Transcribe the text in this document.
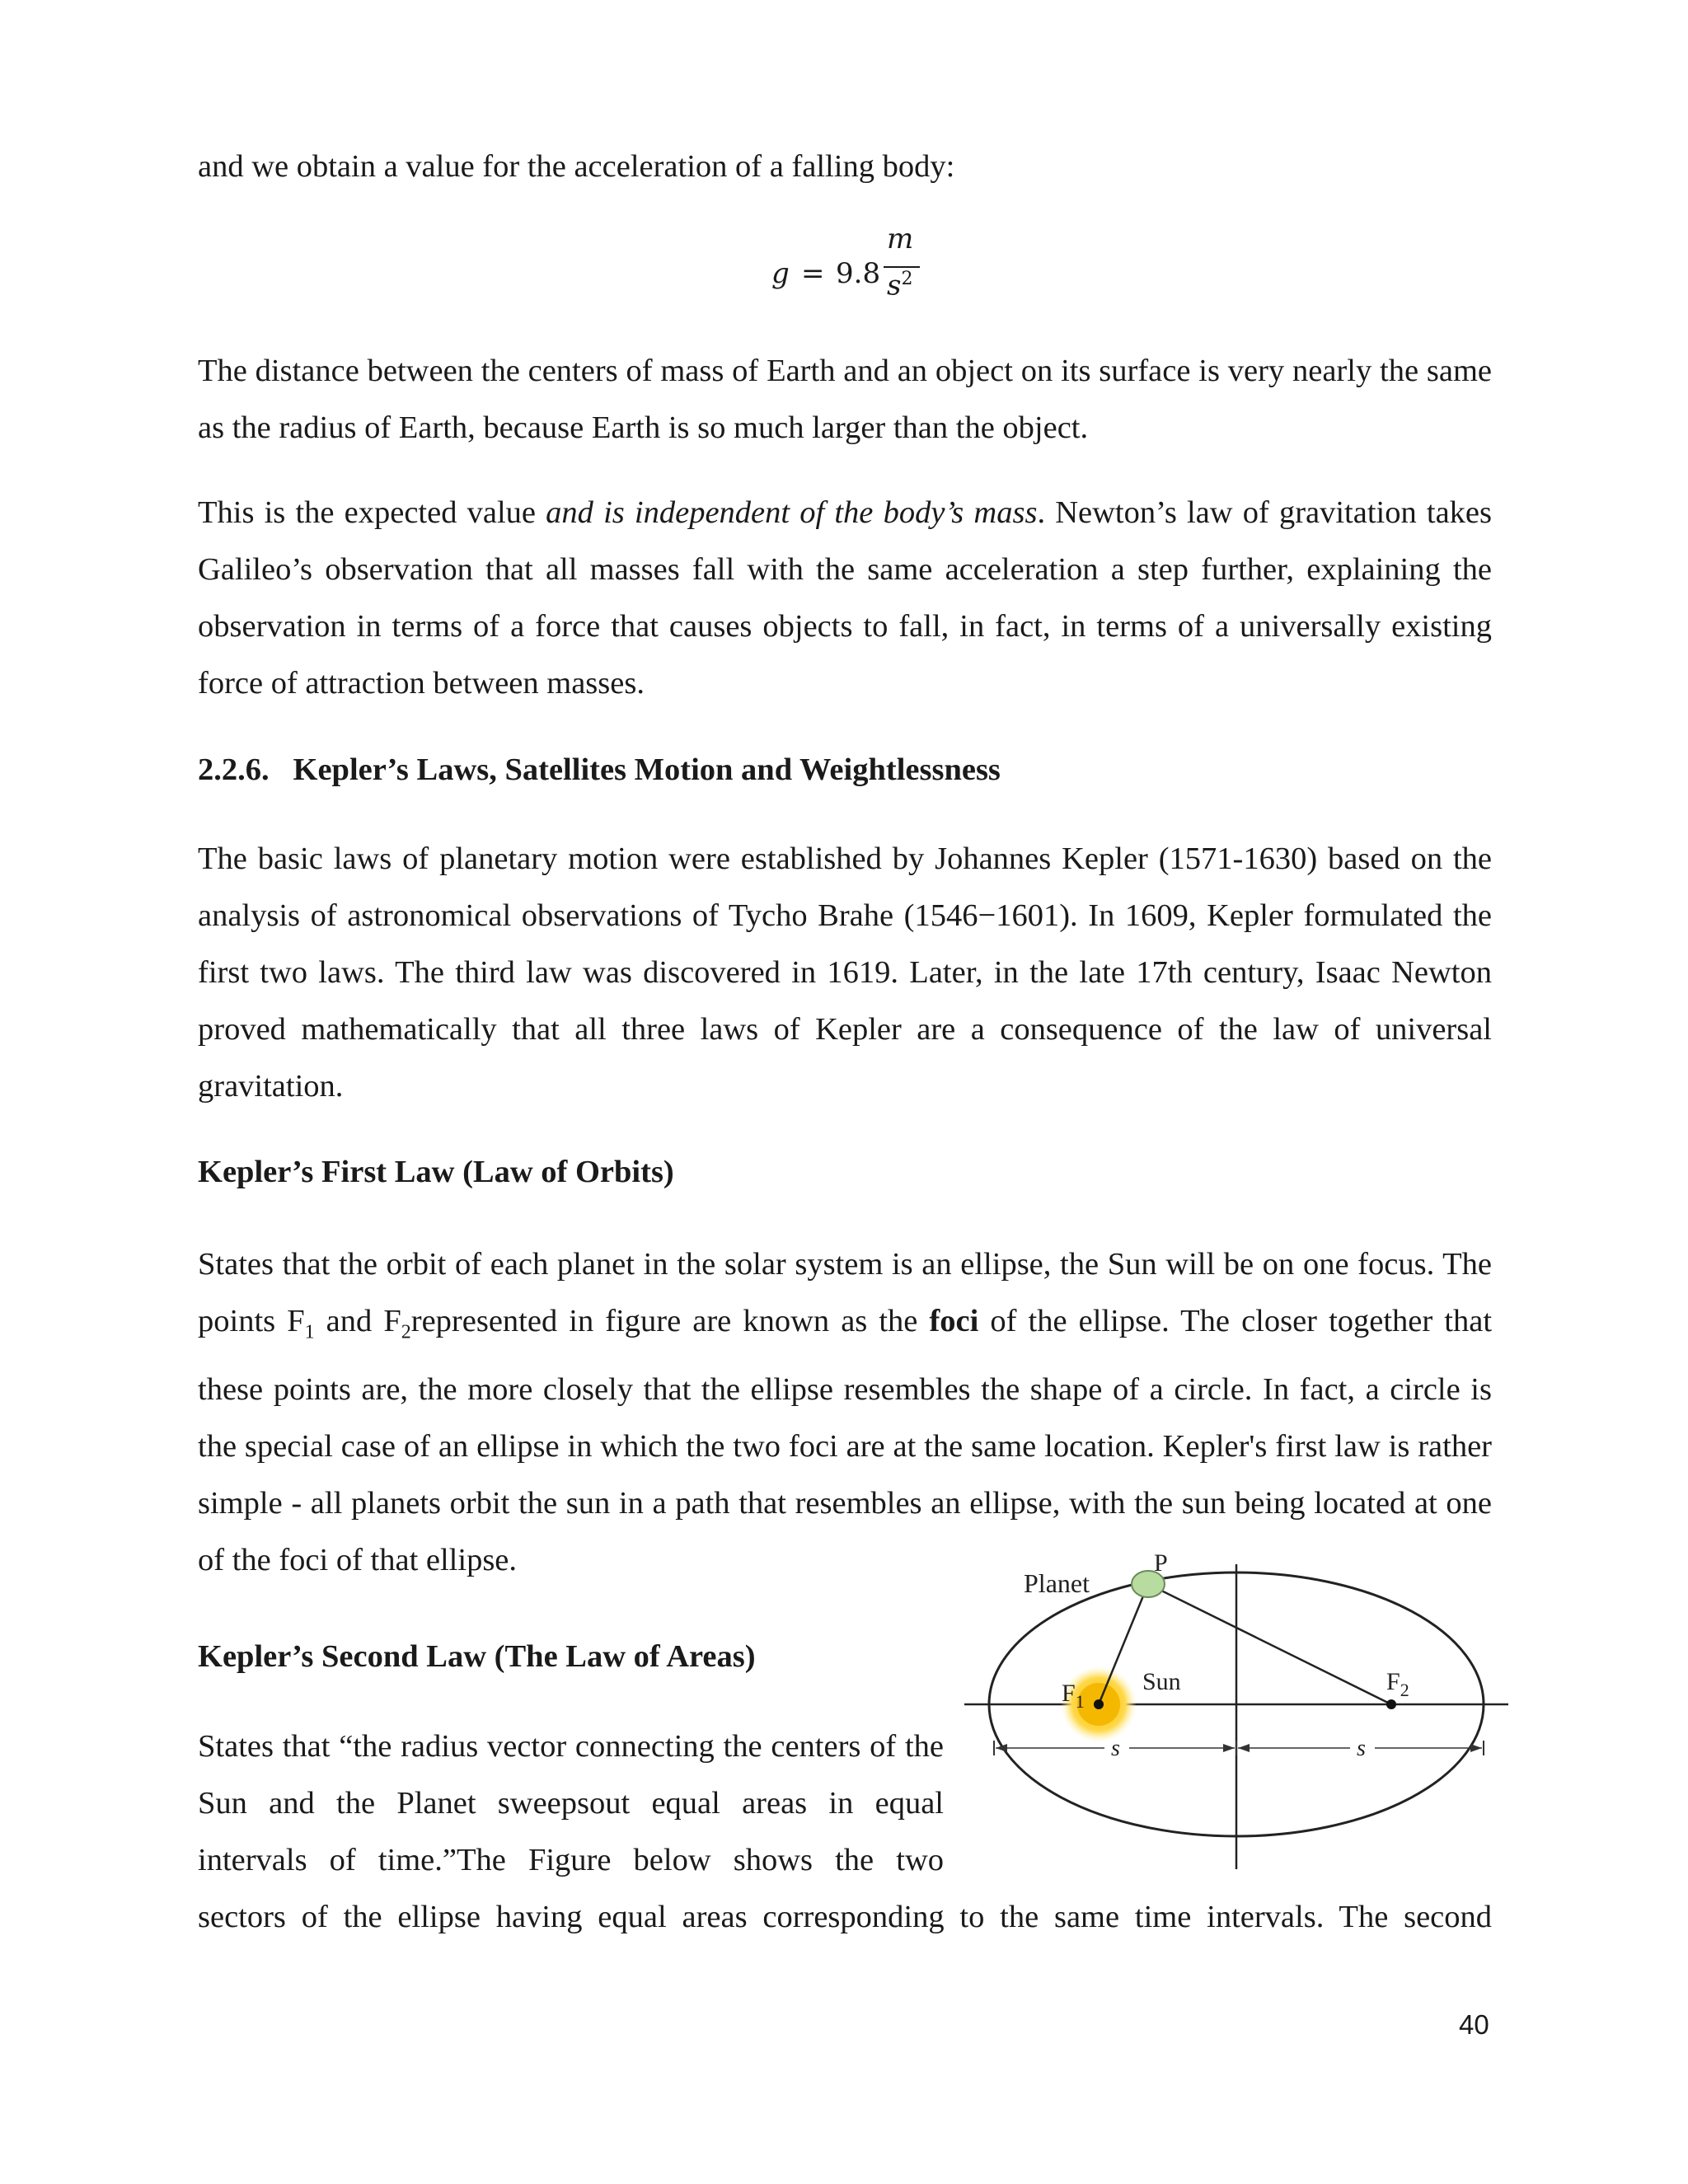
and we obtain a value for the acceleration of a falling body:

g = 9.8
m
$s^2$

The distance between the centers of mass of Earth and an object on its surface is very nearly the same as the radius of Earth, because Earth is so much larger than the object.

This is the expected value and is independent of the body’s mass. Newton’s law of gravitation takes Galileo’s observation that all masses fall with the same acceleration a step further, explaining the observation in terms of a force that causes objects to fall, in fact, in terms of a universally existing force of attraction between masses.

2.2.6.   Kepler’s Laws, Satellites Motion and Weightlessness

The basic laws of planetary motion were established by Johannes Kepler (1571-1630) based on the analysis of astronomical observations of Tycho Brahe (1546−1601). In 1609, Kepler formulated the first two laws. The third law was discovered in 1619. Later, in the late 17th century, Isaac Newton proved mathematically that all three laws of Kepler are a consequence of the law of universal gravitation.

Kepler’s First Law (Law of Orbits)

States that the orbit of each planet in the solar system is an ellipse, the Sun will be on one focus. The points $F_1$ and $F_2represented$ in figure are known as the foci of the ellipse. The closer together that these points are, the more closely that the ellipse resembles the shape of a circle. In fact, a circle is the special case of an ellipse in which the two foci are at the same location. Kepler's first law is rather simple - all planets orbit the sun in a path that resembles an ellipse, with the sun being located at one of the foci of that ellipse.

Kepler’s Second Law (The Law of Areas)

States that “the radius vector connecting the centers of the Sun and the Planet sweepsout equal areas in equal intervals of time.”The Figure below shows the two

sectors of the ellipse having equal areas corresponding to the same time intervals. The second

Planet
P
$F_1$
Sun	$F_2$
s	s
40
